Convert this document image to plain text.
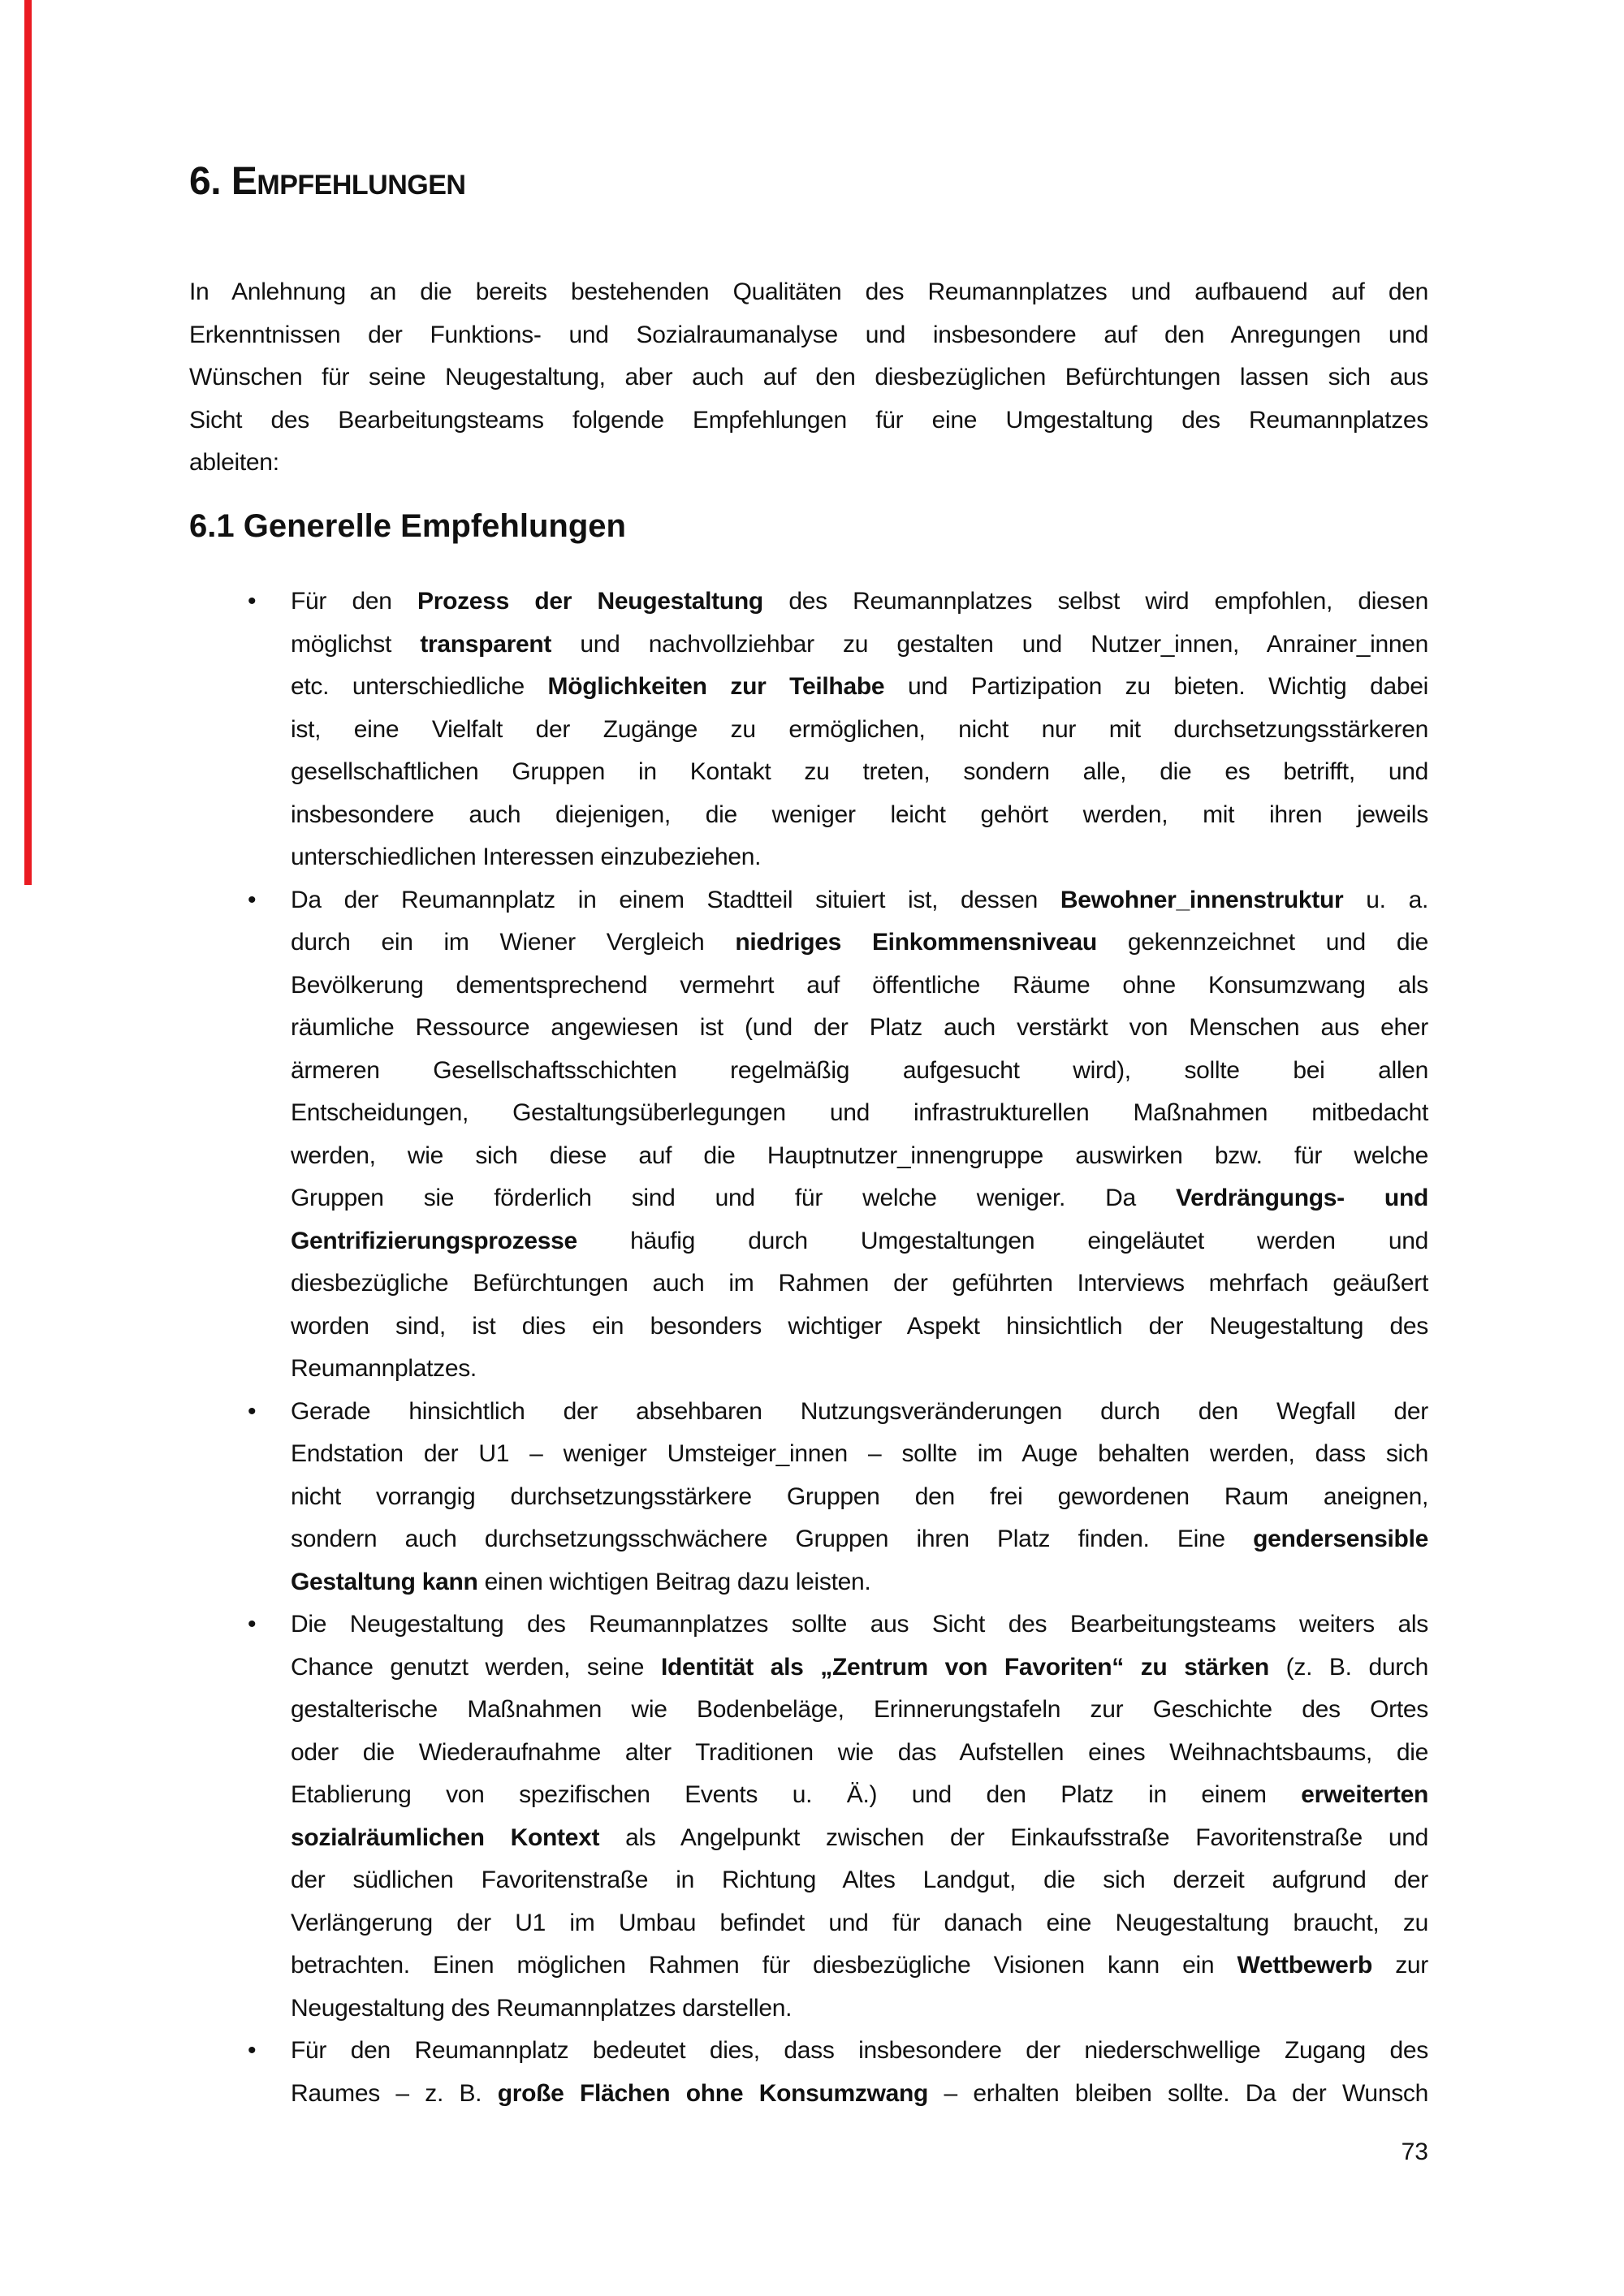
6. Empfehlungen
In Anlehnung an die bereits bestehenden Qualitäten des Reumannplatzes und aufbauend auf den
Erkenntnissen der Funktions- und Sozialraumanalyse und insbesondere auf den Anregungen und
Wünschen für seine Neugestaltung, aber auch auf den diesbezüglichen Befürchtungen lassen sich aus
Sicht des Bearbeitungsteams folgende Empfehlungen für eine Umgestaltung des Reumannplatzes
ableiten:
6.1 Generelle Empfehlungen
• Für den Prozess der Neugestaltung des Reumannplatzes selbst wird empfohlen, diesen
möglichst transparent und nachvollziehbar zu gestalten und Nutzer_innen, Anrainer_innen
etc. unterschiedliche Möglichkeiten zur Teilhabe und Partizipation zu bieten. Wichtig dabei
ist, eine Vielfalt der Zugänge zu ermöglichen, nicht nur mit durchsetzungsstärkeren
gesellschaftlichen Gruppen in Kontakt zu treten, sondern alle, die es betrifft, und
insbesondere auch diejenigen, die weniger leicht gehört werden, mit ihren jeweils
unterschiedlichen Interessen einzubeziehen.
• Da der Reumannplatz in einem Stadtteil situiert ist, dessen Bewohner_innenstruktur u. a.
durch ein im Wiener Vergleich niedriges Einkommensniveau gekennzeichnet und die
Bevölkerung dementsprechend vermehrt auf öffentliche Räume ohne Konsumzwang als
räumliche Ressource angewiesen ist (und der Platz auch verstärkt von Menschen aus eher
ärmeren Gesellschaftsschichten regelmäßig aufgesucht wird), sollte bei allen
Entscheidungen, Gestaltungsüberlegungen und infrastrukturellen Maßnahmen mitbedacht
werden, wie sich diese auf die Hauptnutzer_innengruppe auswirken bzw. für welche
Gruppen sie förderlich sind und für welche weniger. Da Verdrängungs- und
Gentrifizierungsprozesse häufig durch Umgestaltungen eingeläutet werden und
diesbezügliche Befürchtungen auch im Rahmen der geführten Interviews mehrfach geäußert
worden sind, ist dies ein besonders wichtiger Aspekt hinsichtlich der Neugestaltung des
Reumannplatzes.
• Gerade hinsichtlich der absehbaren Nutzungsveränderungen durch den Wegfall der
Endstation der U1 – weniger Umsteiger_innen – sollte im Auge behalten werden, dass sich
nicht vorrangig durchsetzungsstärkere Gruppen den frei gewordenen Raum aneignen,
sondern auch durchsetzungsschwächere Gruppen ihren Platz finden. Eine gendersensible
Gestaltung kann einen wichtigen Beitrag dazu leisten.
• Die Neugestaltung des Reumannplatzes sollte aus Sicht des Bearbeitungsteams weiters als
Chance genutzt werden, seine Identität als „Zentrum von Favoriten“ zu stärken (z. B. durch
gestalterische Maßnahmen wie Bodenbeläge, Erinnerungstafeln zur Geschichte des Ortes
oder die Wiederaufnahme alter Traditionen wie das Aufstellen eines Weihnachtsbaums, die
Etablierung von spezifischen Events u. Ä.) und den Platz in einem erweiterten
sozialräumlichen Kontext als Angelpunkt zwischen der Einkaufsstraße Favoritenstraße und
der südlichen Favoritenstraße in Richtung Altes Landgut, die sich derzeit aufgrund der
Verlängerung der U1 im Umbau befindet und für danach eine Neugestaltung braucht, zu
betrachten. Einen möglichen Rahmen für diesbezügliche Visionen kann ein Wettbewerb zur
Neugestaltung des Reumannplatzes darstellen.
• Für den Reumannplatz bedeutet dies, dass insbesondere der niederschwellige Zugang des
Raumes – z. B. große Flächen ohne Konsumzwang – erhalten bleiben sollte. Da der Wunsch
73
